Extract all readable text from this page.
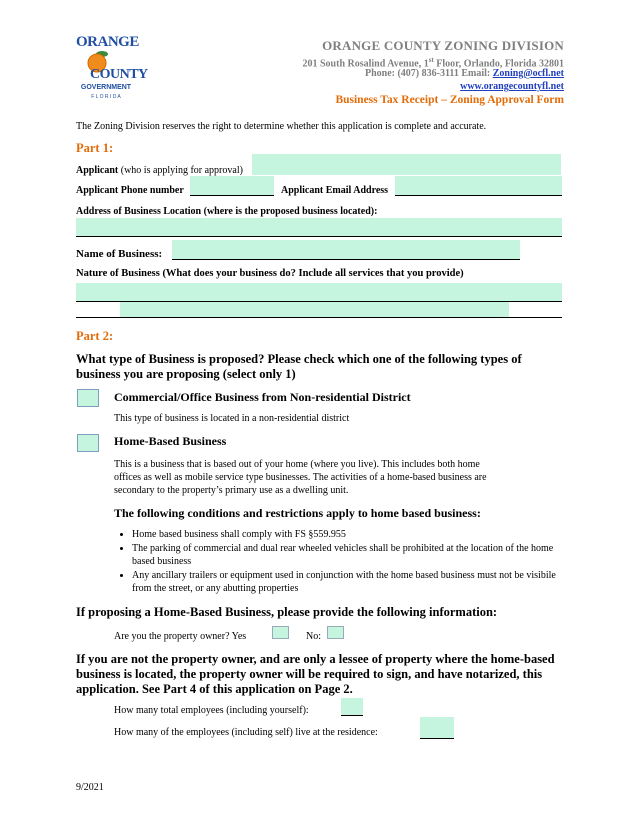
ORANGE
COUNTY
GOVERNMENT
F L O R I D A
ORANGE COUNTY ZONING DIVISION
201 South Rosalind Avenue, 1st Floor, Orlando, Florida 32801
Phone: (407) 836-3111 Email: Zoning@ocfl.net
www.orangecountyfl.net
Business Tax Receipt – Zoning Approval Form
The Zoning Division reserves the right to determine whether this application is complete and accurate.
Part 1:
Applicant (who is applying for approval)
Applicant Phone number	Applicant Email Address
Address of Business Location (where is the proposed business located):
Name of Business:
Nature of Business (What does your business do? Include all services that you provide)
Part 2:
What type of Business is proposed? Please check which one of the following types of
business you are proposing (select only 1)
Commercial/Office Business from Non-residential District
This type of business is located in a non-residential district
Home-Based Business
This is a business that is based out of your home (where you live). This includes both home
offices as well as mobile service type businesses. The activities of a home-based business are
secondary to the property’s primary use as a dwelling unit.
The following conditions and restrictions apply to home based business:
• Home based business shall comply with FS §559.955
• The parking of commercial and dual rear wheeled vehicles shall be prohibited at the location of the home based business
• Any ancillary trailers or equipment used in conjunction with the home based business must not be visibile from the street, or any abutting properties
If proposing a Home-Based Business, please provide the following information:
Are you the property owner? Yes	No:
If you are not the property owner, and are only a lessee of property where the home-based
business is located, the property owner will be required to sign, and have notarized, this
application. See Part 4 of this application on Page 2.
How many total employees (including yourself):
How many of the employees (including self) live at the residence:
9/2021
